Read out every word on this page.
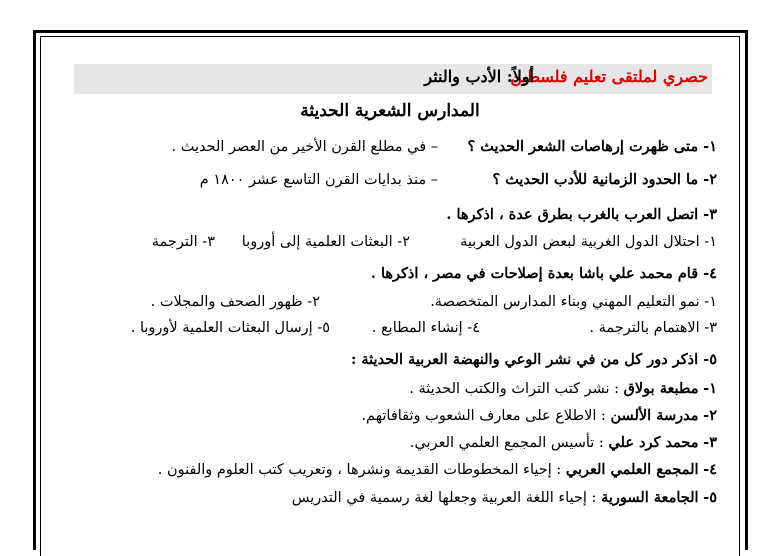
حصري لملتقى تعليم فلسطين
أولاً: الأدب والنثر
المدارس الشعرية الحديثة
١- متى ظهرت إرهاصات الشعر الحديث ؟
– في مطلع القرن الأخير من العصر الحديث .
٢- ما الحدود الزمانية للأدب الحديث ؟
– منذ بدايات القرن التاسع عشر ١٨٠٠ م
٣- اتصل العرب بالغرب بطرق عدة ، اذكرها .
١- احتلال الدول الغربية لبعض الدول العربية
٢- البعثات العلمية إلى أوروبا
٣- الترجمة
٤- قام محمد علي باشا بعدة إصلاحات في مصر ، اذكرها .
١- نمو التعليم المهني وبناء المدارس المتخصصة.
٢- ظهور الصحف والمجلات .
٣- الاهتمام بالترجمة .
٤- إنشاء المطابع .
٥- إرسال البعثات العلمية لأوروبا .
٥- اذكر دور كل من في نشر الوعي والنهضة العربية الحديثة :
١- مطبعة بولاق : نشر كتب التراث والكتب الحديثة .
٢- مدرسة الألسن : الاطلاع على معارف الشعوب وثقافاتهم.
٣- محمد كرد علي : تأسيس المجمع العلمي العربي.
٤- المجمع العلمي العربي : إحياء المخطوطات القديمة ونشرها ، وتعريب كتب العلوم والفنون .
٥- الجامعة السورية : إحياء اللغة العربية وجعلها لغة رسمية في التدريس
